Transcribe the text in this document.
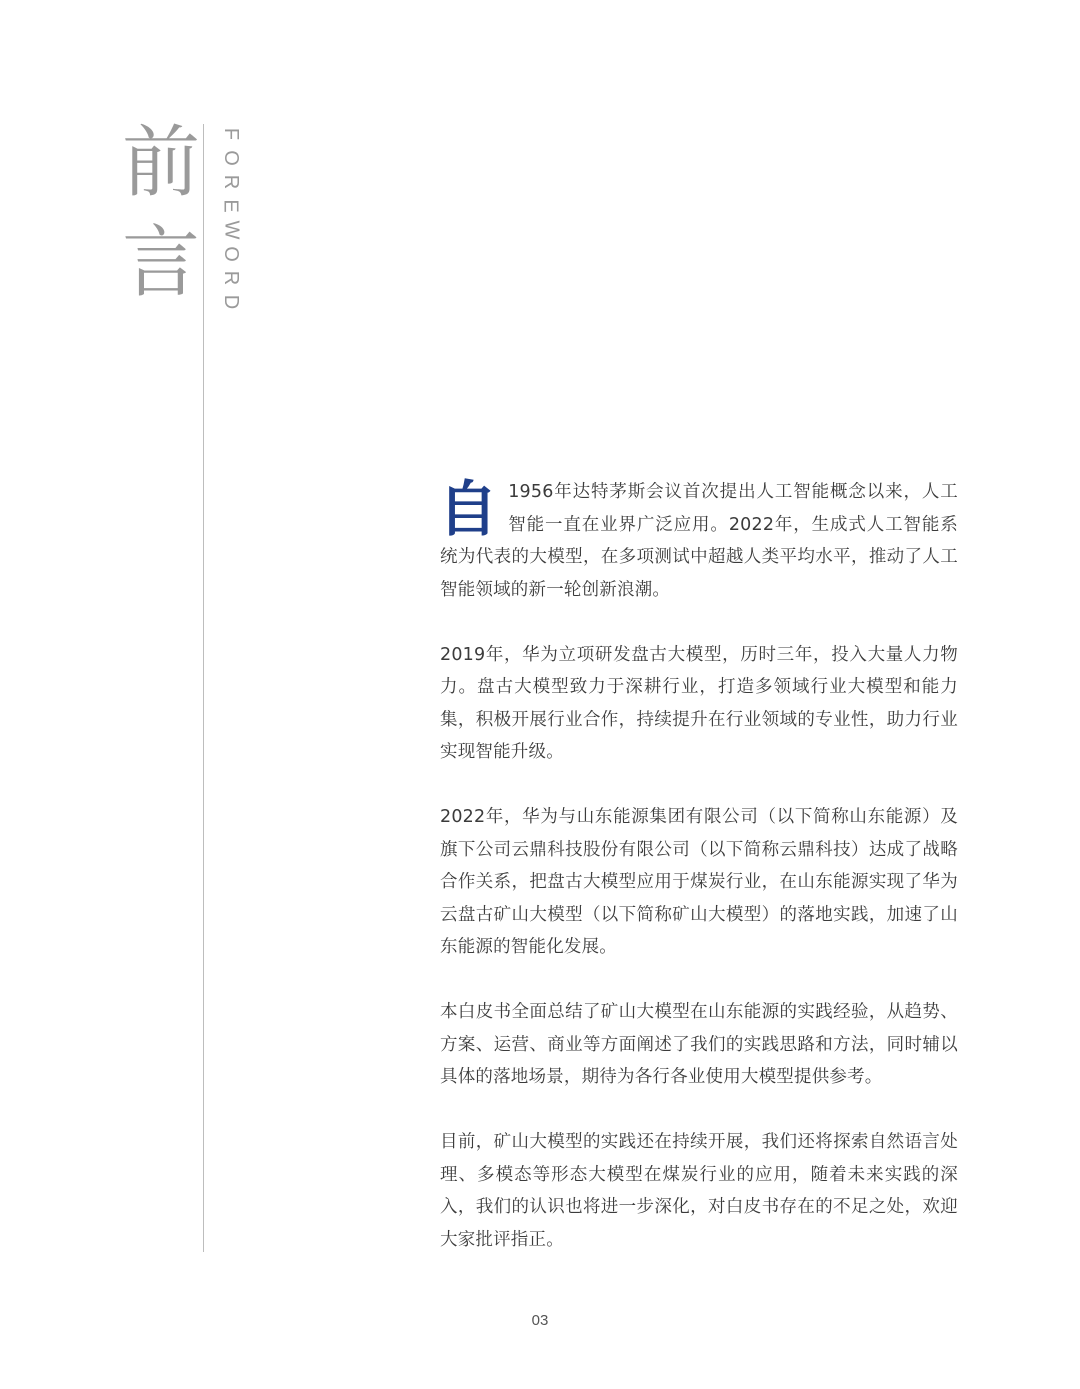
前
言
F
O
R
E
W
O
R
D

自 1956年达特茅斯会议首次提出人工智能概念以来，人工智能一直在业界广泛应用。2022年，生成式人工智能系统为代表的大模型，在多项测试中超越人类平均水平，推动了人工智能领域的新一轮创新浪潮。

2019年，华为立项研发盘古大模型，历时三年，投入大量人力物力。盘古大模型致力于深耕行业，打造多领域行业大模型和能力集，积极开展行业合作，持续提升在行业领域的专业性，助力行业实现智能升级。

2022年，华为与山东能源集团有限公司（以下简称山东能源）及旗下公司云鼎科技股份有限公司（以下简称云鼎科技）达成了战略合作关系，把盘古大模型应用于煤炭行业，在山东能源实现了华为云盘古矿山大模型（以下简称矿山大模型）的落地实践，加速了山东能源的智能化发展。

本白皮书全面总结了矿山大模型在山东能源的实践经验，从趋势、方案、运营、商业等方面阐述了我们的实践思路和方法，同时辅以具体的落地场景，期待为各行各业使用大模型提供参考。

目前，矿山大模型的实践还在持续开展，我们还将探索自然语言处理、多模态等形态大模型在煤炭行业的应用，随着未来实践的深入，我们的认识也将进一步深化，对白皮书存在的不足之处，欢迎大家批评指正。

03
